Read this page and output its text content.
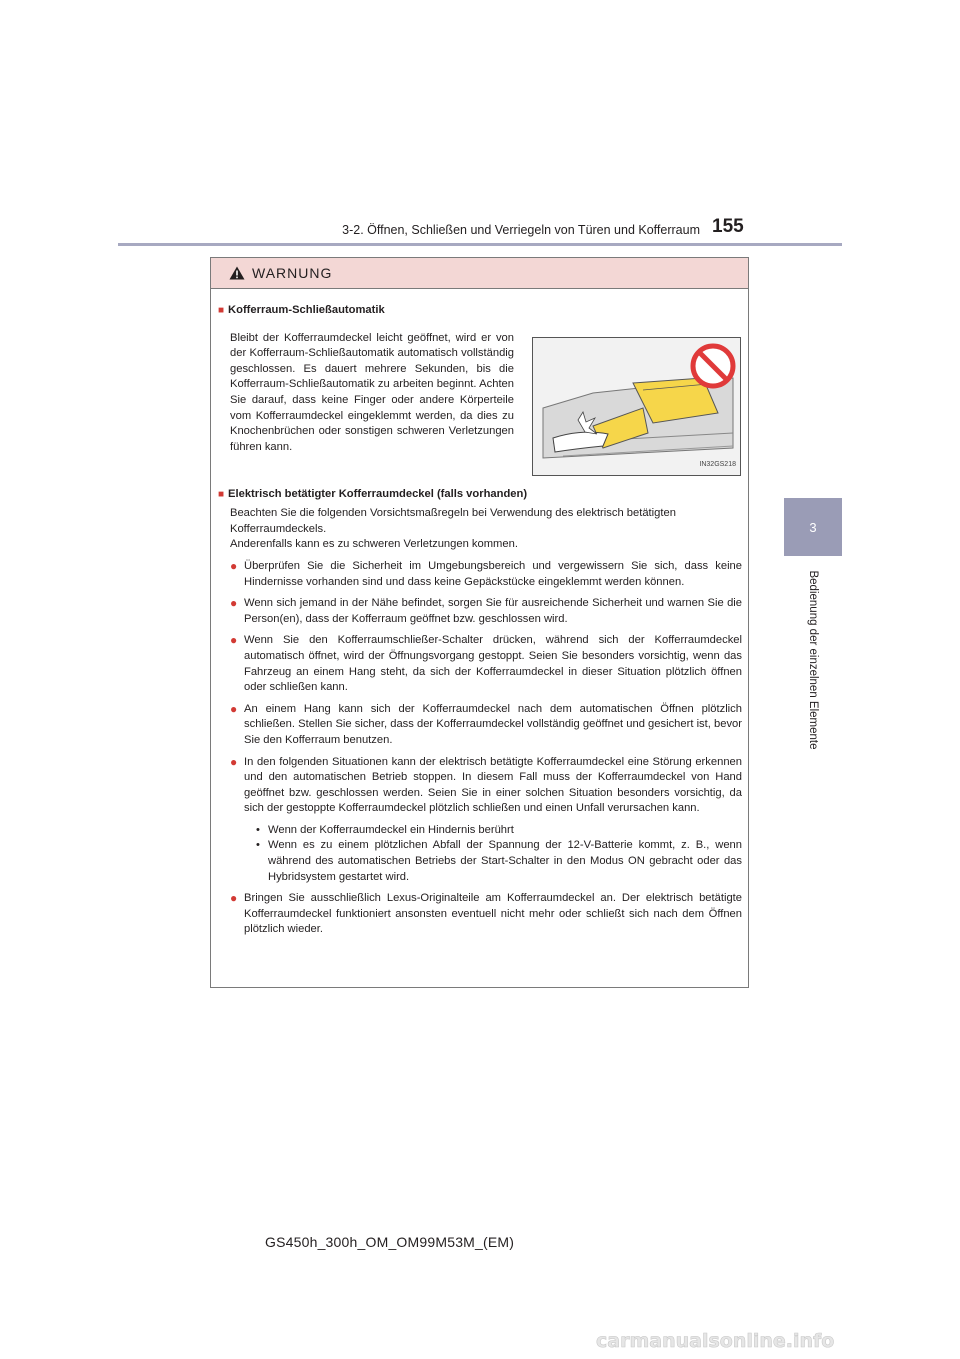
3-2. Öffnen, Schließen und Verriegeln von Türen und Kofferraum 155
3
Bedienung der einzelnen Elemente
WARNUNG
■ Kofferraum-Schließautomatik
Bleibt der Kofferraumdeckel leicht geöffnet, wird er von der Kofferraum-Schließautomatik automatisch vollständig geschlossen. Es dauert mehrere Sekunden, bis die Kofferraum-Schließautomatik zu arbeiten beginnt. Achten Sie darauf, dass keine Finger oder andere Körperteile vom Kofferraumdeckel eingeklemmt werden, da dies zu Knochenbrüchen oder sonstigen schweren Verletzungen führen kann.
IN32GS218
■ Elektrisch betätigter Kofferraumdeckel (falls vorhanden)
Beachten Sie die folgenden Vorsichtsmaßregeln bei Verwendung des elektrisch betätigten Kofferraumdeckels.
Anderenfalls kann es zu schweren Verletzungen kommen.
● Überprüfen Sie die Sicherheit im Umgebungsbereich und vergewissern Sie sich, dass keine Hindernisse vorhanden sind und dass keine Gepäckstücke eingeklemmt werden können.
● Wenn sich jemand in der Nähe befindet, sorgen Sie für ausreichende Sicherheit und warnen Sie die Person(en), dass der Kofferraum geöffnet bzw. geschlossen wird.
● Wenn Sie den Kofferraumschließer-Schalter drücken, während sich der Kofferraumdeckel automatisch öffnet, wird der Öffnungsvorgang gestoppt. Seien Sie besonders vorsichtig, wenn das Fahrzeug an einem Hang steht, da sich der Kofferraumdeckel in dieser Situation plötzlich öffnen oder schließen kann.
● An einem Hang kann sich der Kofferraumdeckel nach dem automatischen Öffnen plötzlich schließen. Stellen Sie sicher, dass der Kofferraumdeckel vollständig geöffnet und gesichert ist, bevor Sie den Kofferraum benutzen.
● In den folgenden Situationen kann der elektrisch betätigte Kofferraumdeckel eine Störung erkennen und den automatischen Betrieb stoppen. In diesem Fall muss der Kofferraumdeckel von Hand geöffnet bzw. geschlossen werden. Seien Sie in einer solchen Situation besonders vorsichtig, da sich der gestoppte Kofferraumdeckel plötzlich schließen und einen Unfall verursachen kann.
• Wenn der Kofferraumdeckel ein Hindernis berührt
• Wenn es zu einem plötzlichen Abfall der Spannung der 12-V-Batterie kommt, z. B., wenn während des automatischen Betriebs der Start-Schalter in den Modus ON gebracht oder das Hybridsystem gestartet wird.
● Bringen Sie ausschließlich Lexus-Originalteile am Kofferraumdeckel an. Der elektrisch betätigte Kofferraumdeckel funktioniert ansonsten eventuell nicht mehr oder schließt sich nach dem Öffnen plötzlich wieder.
GS450h_300h_OM_OM99M53M_(EM)
carmanualsonline.info
